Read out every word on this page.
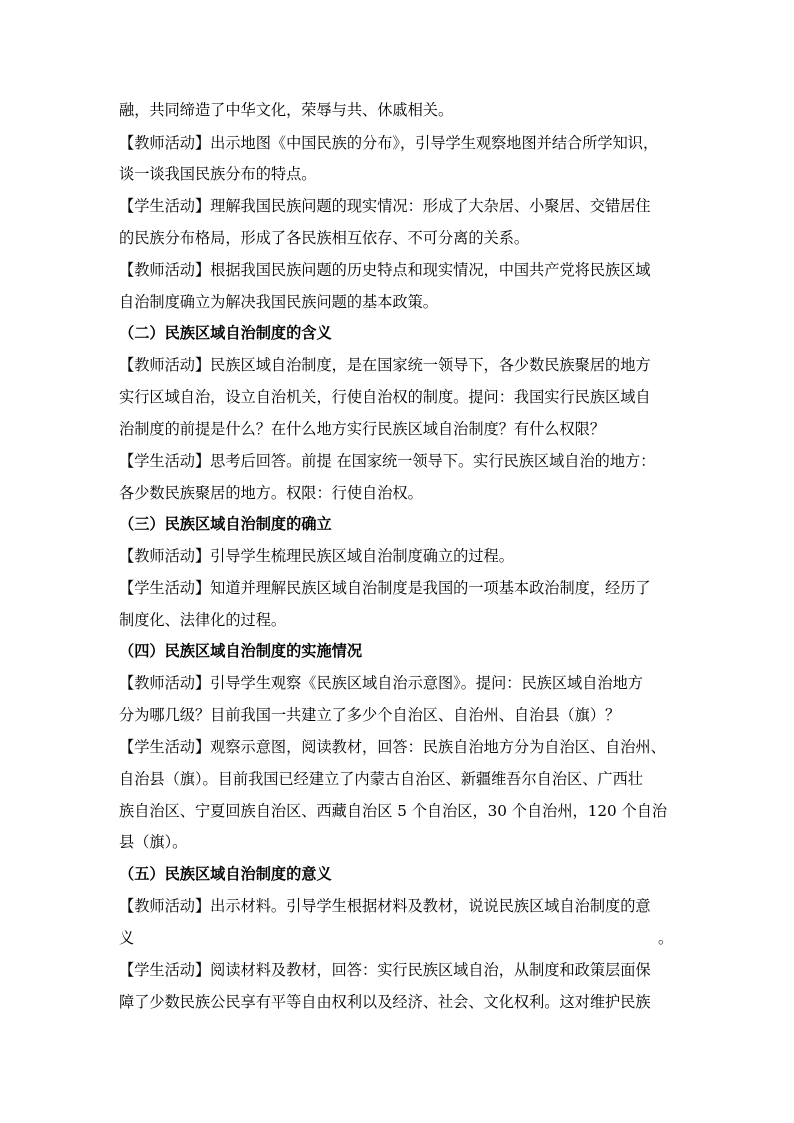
融，共同缔造了中华文化，荣辱与共、休戚相关。
【教师活动】出示地图《中国民族的分布》，引导学生观察地图并结合所学知识，
谈一谈我国民族分布的特点。
【学生活动】理解我国民族问题的现实情况：形成了大杂居、小聚居、交错居住
的民族分布格局，形成了各民族相互依存、不可分离的关系。
【教师活动】根据我国民族问题的历史特点和现实情况，中国共产党将民族区域
自治制度确立为解决我国民族问题的基本政策。
（二）民族区域自治制度的含义
【教师活动】民族区域自治制度，是在国家统一领导下，各少数民族聚居的地方
实行区域自治，设立自治机关，行使自治权的制度。提问：我国实行民族区域自
治制度的前提是什么？在什么地方实行民族区域自治制度？有什么权限？
【学生活动】思考后回答。前提 在国家统一领导下。实行民族区域自治的地方：
各少数民族聚居的地方。权限：行使自治权。
（三）民族区域自治制度的确立
【教师活动】引导学生梳理民族区域自治制度确立的过程。
【学生活动】知道并理解民族区域自治制度是我国的一项基本政治制度，经历了
制度化、法律化的过程。
（四）民族区域自治制度的实施情况
【教师活动】引导学生观察《民族区域自治示意图》。提问：民族区域自治地方
分为哪几级？目前我国一共建立了多少个自治区、自治州、自治县（旗）？
【学生活动】观察示意图，阅读教材，回答：民族自治地方分为自治区、自治州、
自治县（旗）。目前我国已经建立了内蒙古自治区、新疆维吾尔自治区、广西壮
族自治区、宁夏回族自治区、西藏自治区 5 个自治区，30 个自治州，120 个自治
县（旗）。
（五）民族区域自治制度的意义
【教师活动】出示材料。引导学生根据材料及教材，说说民族区域自治制度的意
义	。
【学生活动】阅读材料及教材，回答：实行民族区域自治，从制度和政策层面保
障了少数民族公民享有平等自由权利以及经济、社会、文化权利。这对维护民族
